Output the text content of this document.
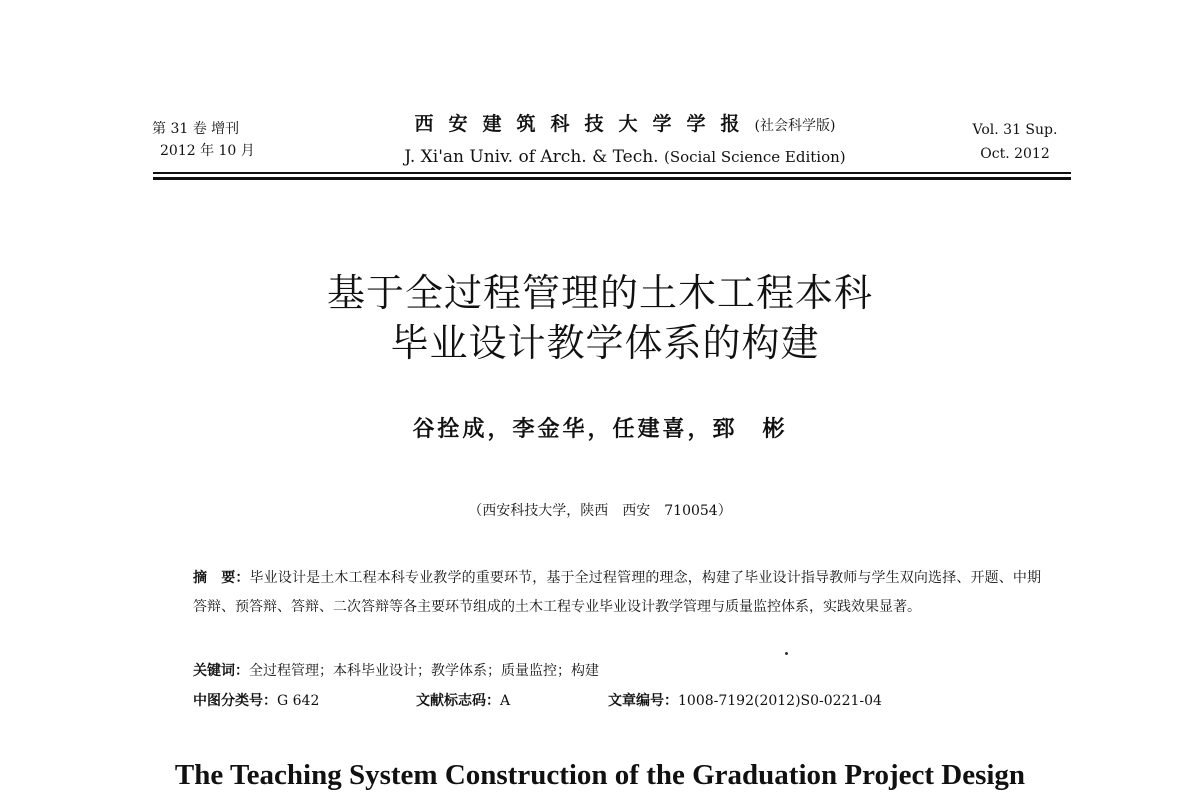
第 31 卷 增刊
2012 年 10 月
西安建筑科技大学学报(社会科学版)
J. Xi'an Univ. of Arch. & Tech. (Social Science Edition)
Vol. 31 Sup.
Oct. 2012
基于全过程管理的土木工程本科
毕业设计教学体系的构建
谷拴成，李金华，任建喜，郅　彬
（西安科技大学，陕西　西安　710054）
摘　要：毕业设计是土木工程本科专业教学的重要环节，基于全过程管理的理念，构建了毕业设计指导教师与学生双向选择、开题、中期答辩、预答辩、答辩、二次答辩等各主要环节组成的土木工程专业毕业设计教学管理与质量监控体系，实践效果显著。
关键词：全过程管理；本科毕业设计；教学体系；质量监控；构建
中图分类号：G 642	文献标志码：A	文章编号：1008-7192(2012)S0-0221-04
The Teaching System Construction of the Graduation Project Design
